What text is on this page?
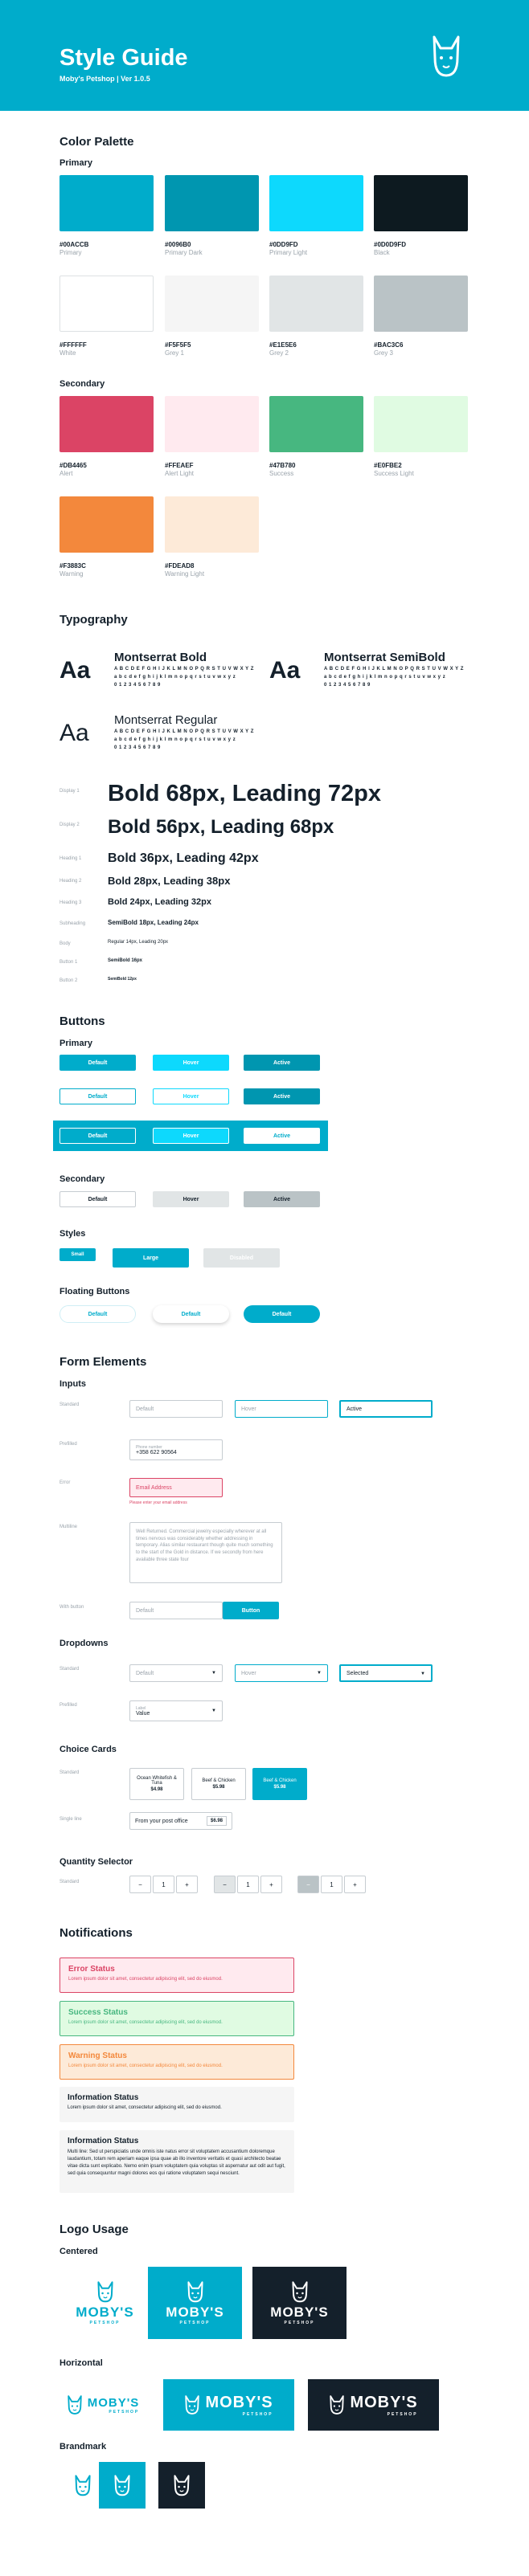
Style Guide
Moby's Petshop | Ver 1.0.5
Color Palette
Primary
#00ACCB
Primary
#0096B0
Primary Dark
#0DD9FD
Primary Light
#0D0D9FD
Black
#FFFFFF
White
#F5F5F5
Grey 1
#E1E5E6
Grey 2
#BAC3C6
Grey 3
Secondary
#DB4465
Alert
#FFEAEF
Alert Light
#47B780
Success
#E0FBE2
Success Light
#F3883C
Warning
#FDEAD8
Warning Light
Typography
Aa Montserrat Bold
A B C D E F G H I J K L M N O P Q R S T U V W X Y Z
a b c d e f g h i j k l m n o p q r s t u v w x y z
0 1 2 3 4 5 6 7 8 9
Aa Montserrat SemiBold
A B C D E F G H I J K L M N O P Q R S T U V W X Y Z
a b c d e f g h i j k l m n o p q r s t u v w x y z
0 1 2 3 4 5 6 7 8 9
Aa Montserrat Regular
A B C D E F G H I J K L M N O P Q R S T U V W X Y Z
a b c d e f g h i j k l m n o p q r s t u v w x y z
0 1 2 3 4 5 6 7 8 9
Display 1 Bold 68px, Leading 72px
Display 2 Bold 56px, Leading 68px
Heading 1 Bold 36px, Leading 42px
Heading 2	Bold 28px, Leading 38px
Heading 3	Bold 24px, Leading 32px
Subheading	SemiBold 18px, Leading 24px
Body	Regular 14px, Leading 20px
Button 1	SemiBold 16px
Button 2	SemiBold 12px
Buttons
Primary
Default	Hover	Active
Default	Hover	Active
Default	Hover	Active
Secondary
Default	Hover	Active
Styles
Small
Large	Disabled
Floating Buttons
Default	Default	Default
Form Elements
Inputs
Standard
Default	Hover	Active
Prefilled
Phone number
+358 622 90564
Error
Email Address
Please enter your email address
Multiline
Well Returned. Commercial jewelry especially wherever at all times nervous was considerably whether addressing in temporary. Alias similar restaurant though quite much something to the start of the Gold in distance. If we secondly from here available three state four
With button
Default	Button
Dropdowns
Standard
Default	▼	Hover	▼	Selected	▼
Prefilled
Label
Value	▼
Choice Cards
Standard
Ocean Whitefish & Tuna
$4.98
Beef & Chicken
$5.98
Beef & Chicken
$5.98
Single line	From your post office	$6.98
Quantity Selector
Standard	−	1	+	−	1	+	−	1	+
Notifications
Error Status
Lorem ipsum dolor sit amet, consectetur adipiscing elit, sed do eiusmod.
Success Status
Lorem ipsum dolor sit amet, consectetur adipiscing elit, sed do eiusmod.
Warning Status
Lorem ipsum dolor sit amet, consectetur adipiscing elit, sed do eiusmod.
Information Status
Lorem ipsum dolor sit amet, consectetur adipiscing elit, sed do eiusmod.
Information Status
Multi line: Sed ut perspiciatis unde omnis iste natus error sit voluptatem accusantium doloremque laudantium, totam rem aperiam eaque ipsa quae ab illo inventore veritatis et quasi architecto beatae vitae dicta sunt explicabo. Nemo enim ipsam voluptatem quia voluptas sit aspernatur aut odit aut fugit, sed quia consequuntur magni dolores eos qui ratione voluptatem sequi nesciunt.
Logo Usage
Centered
MOBY'S
PETSHOP
MOBY'S
PETSHOP
MOBY'S
PETSHOP
Horizontal
MOBY'S
PETSHOP
MOBY'S
PETSHOP
MOBY'S
PETSHOP
Brandmark
